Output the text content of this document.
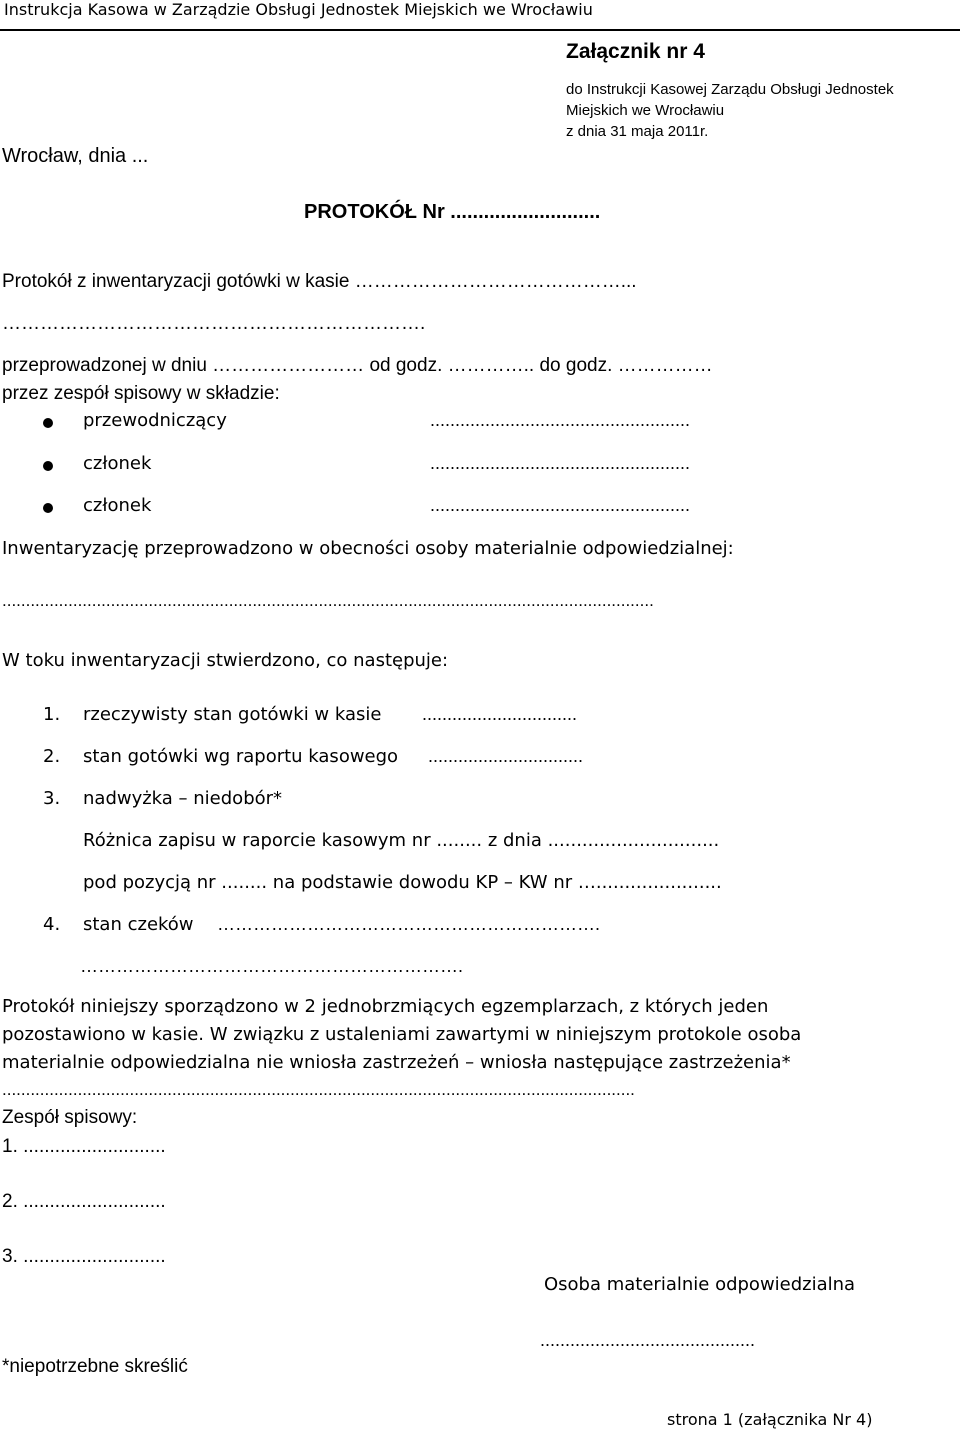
Instrukcja Kasowa w Zarządzie Obsługi Jednostek Miejskich we Wrocławiu
Załącznik nr 4
do Instrukcji Kasowej Zarządu Obsługi Jednostek
Miejskich we Wrocławiu
z dnia 31 maja 2011r.
Wrocław, dnia ...
PROTOKÓŁ Nr ...........................
Protokół z inwentaryzacji gotówki w kasie ……………………………………...
………………………………………………………….
przeprowadzonej w dniu …………………… od godz. ………….. do godz. ……………
przez zespół spisowy w składzie:
przewodniczący	....................................................
członek	....................................................
członek	....................................................
Inwentaryzację przeprowadzono w obecności osoby materialnie odpowiedzialnej:
..........................................................................................................................................
W toku inwentaryzacji stwierdzono, co następuje:
1. rzeczywisty stan gotówki w kasie ...............................
2. stan gotówki wg raportu kasowego ...............................
3. nadwyżka – niedobór*
Różnica zapisu w raporcie kasowym nr ........ z dnia ..............................
pod pozycją nr ........ na podstawie dowodu KP – KW nr …......................
4. stan czeków ……………………………………………………….
……………………………………………………….
Protokół niniejszy sporządzono w 2 jednobrzmiących egzemplarzach, z których jeden
pozostawiono w kasie. W związku z ustaleniami zawartymi w niniejszym protokole osoba
materialnie odpowiedzialna nie wniosła zastrzeżeń – wniosła następujące zastrzeżenia*
......................................................................................................................................
Zespół spisowy:
1. ...........................
2. ...........................
3. ...........................
Osoba materialnie odpowiedzialna
...........................................
*niepotrzebne skreślić
strona 1 (załącznika Nr 4)
